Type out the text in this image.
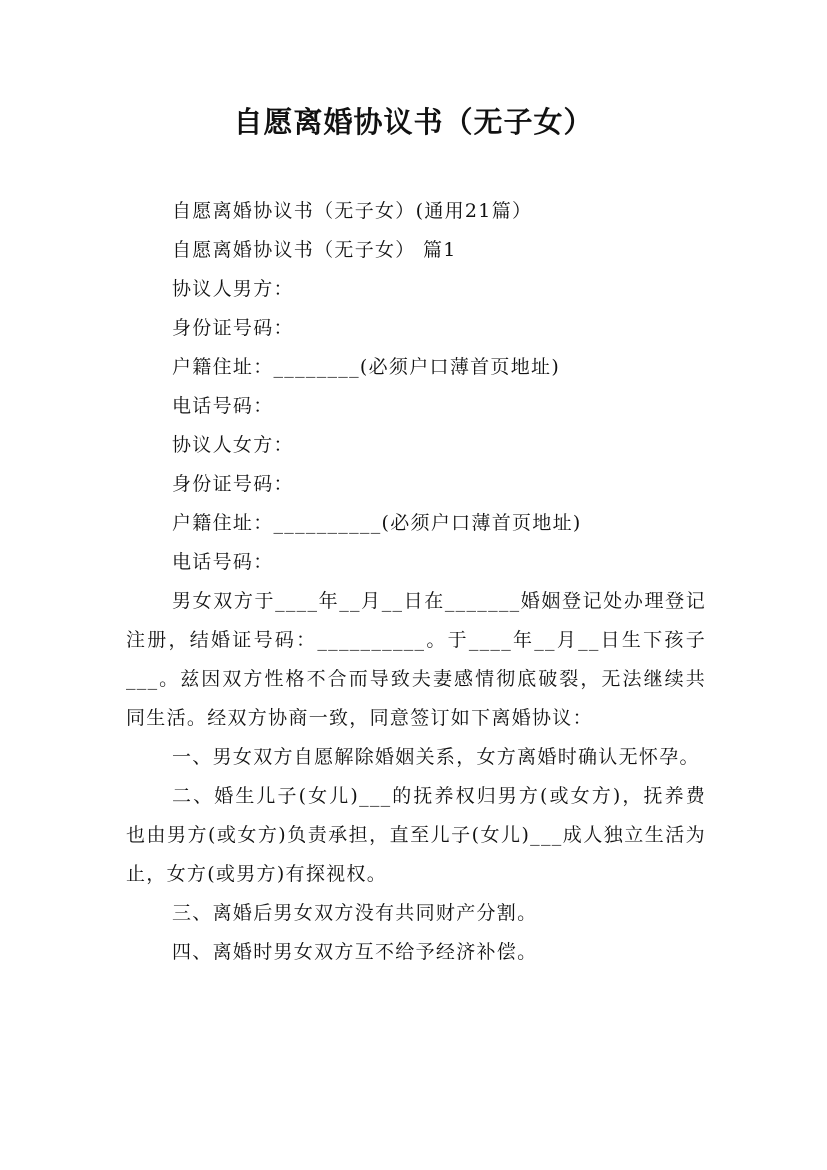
自愿离婚协议书（无子女）
自愿离婚协议书（无子女）(通用21篇）
自愿离婚协议书（无子女） 篇1
协议人男方：
身份证号码：
户籍住址：________(必须户口薄首页地址)
电话号码：
协议人女方：
身份证号码：
户籍住址：__________(必须户口薄首页地址)
电话号码：

男女双方于____年__月__日在_______婚姻登记处办理登记注册，结婚证号码：__________。于____年__月__日生下孩子___。兹因双方性格不合而导致夫妻感情彻底破裂，无法继续共同生活。经双方协商一致，同意签订如下离婚协议：

一、男女双方自愿解除婚姻关系，女方离婚时确认无怀孕。

二、婚生儿子(女儿)___的抚养权归男方(或女方)，抚养费也由男方(或女方)负责承担，直至儿子(女儿)___成人独立生活为止，女方(或男方)有探视权。

三、离婚后男女双方没有共同财产分割。

四、离婚时男女双方互不给予经济补偿。
